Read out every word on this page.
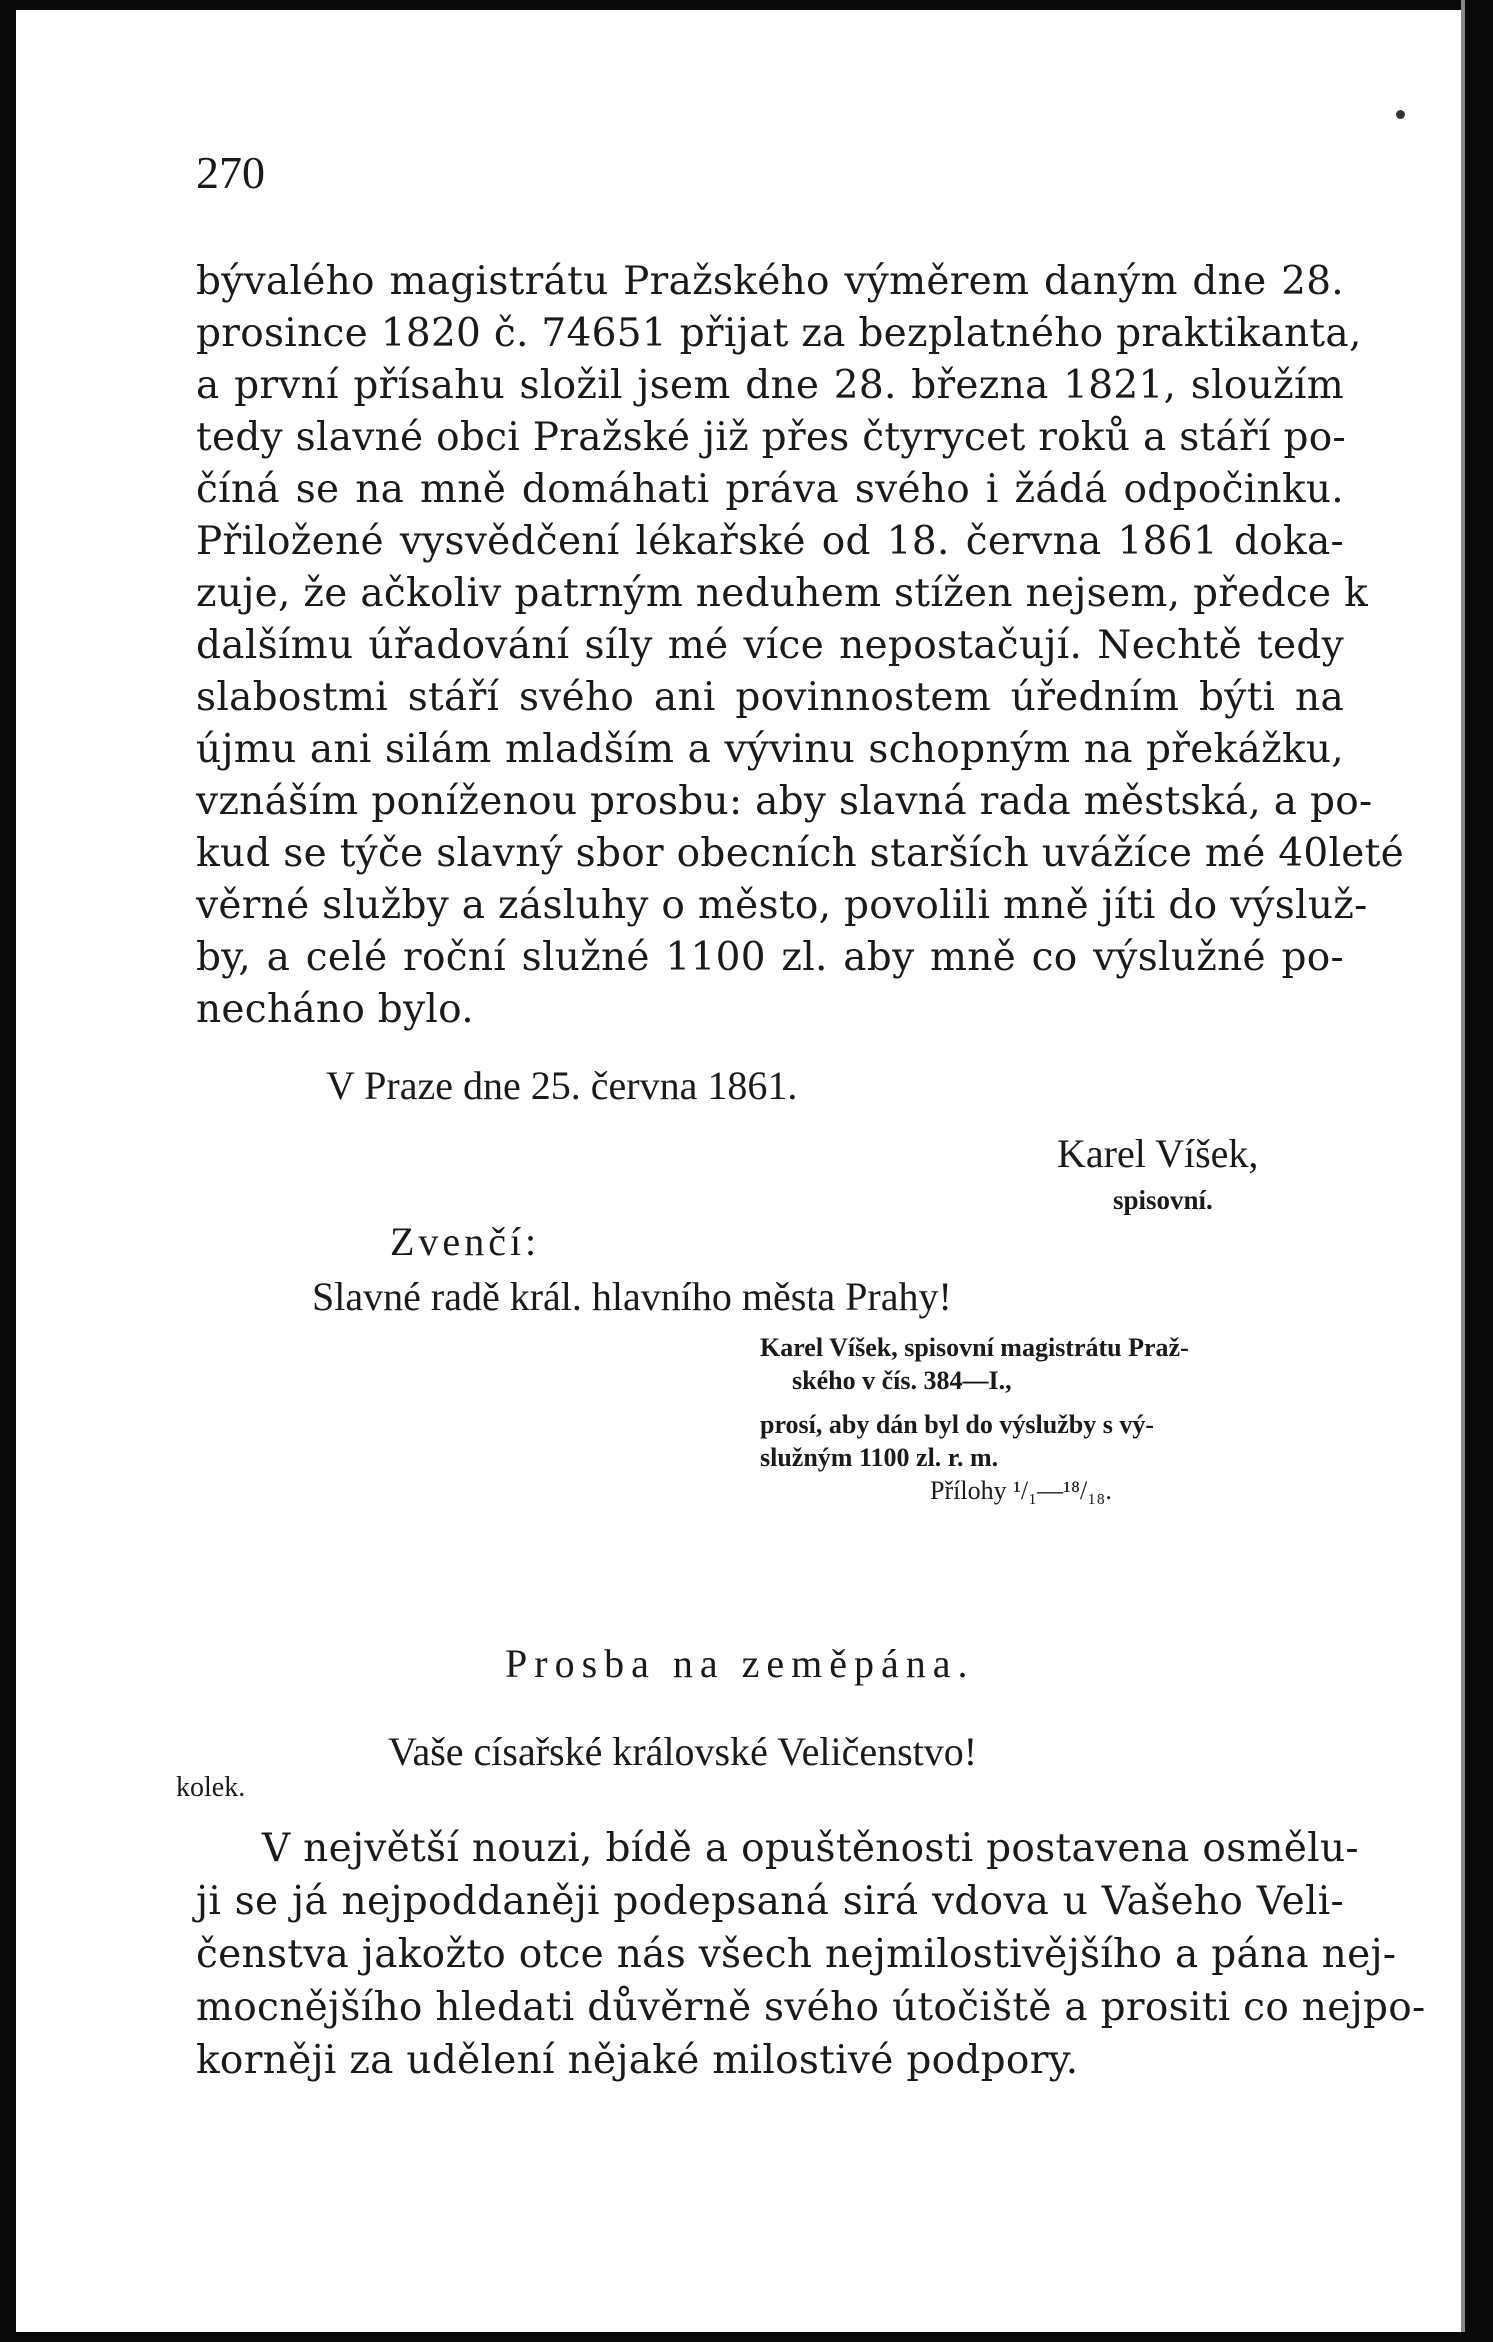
270
bývalého magistrátu Pražského výměrem daným dne 28.
prosince 1820 č. 74651 přijat za bezplatného praktikanta,
a první přísahu složil jsem dne 28. března 1821, sloužím
tedy slavné obci Pražské již přes čtyrycet roků a stáří po-
číná se na mně domáhati práva svého i žádá odpočinku.
Přiložené vysvědčení lékařské od 18. června 1861 doka-
zuje, že ačkoliv patrným neduhem stížen nejsem, předce k
dalšímu úřadování síly mé více nepostačují. Nechtě tedy
slabostmi stáří svého ani povinnostem úředním býti na
újmu ani silám mladším a vývinu schopným na překážku,
vznáším poníženou prosbu: aby slavná rada městská, a po-
kud se týče slavný sbor obecních starších uvážíce mé 40leté
věrné služby a zásluhy o město, povolili mně jíti do výsluž-
by, a celé roční služné 1100 zl. aby mně co výslužné po-
necháno bylo.
V Praze dne 25. června 1861.
Karel Víšek,
spisovní.
Zvenčí:
Slavné radě král. hlavního města Prahy!
Karel Víšek, spisovní magistrátu Praž-
ského v čís. 384—I.,
prosí, aby dán byl do výslužby s vý-
služným 1100 zl. r. m.
Přílohy ¹/₁—¹⁸/₁₈.
Prosba na zeměpána.
Vaše císařské královské Veličenstvo!
kolek.
V největší nouzi, bídě a opuštěnosti postavena osmělu-
ji se já nejpoddaněji podepsaná sirá vdova u Vašeho Veli-
čenstva jakožto otce nás všech nejmilostivějšího a pána nej-
mocnějšího hledati důvěrně svého útočiště a prositi co nejpo-
korněji za udělení nějaké milostivé podpory.
